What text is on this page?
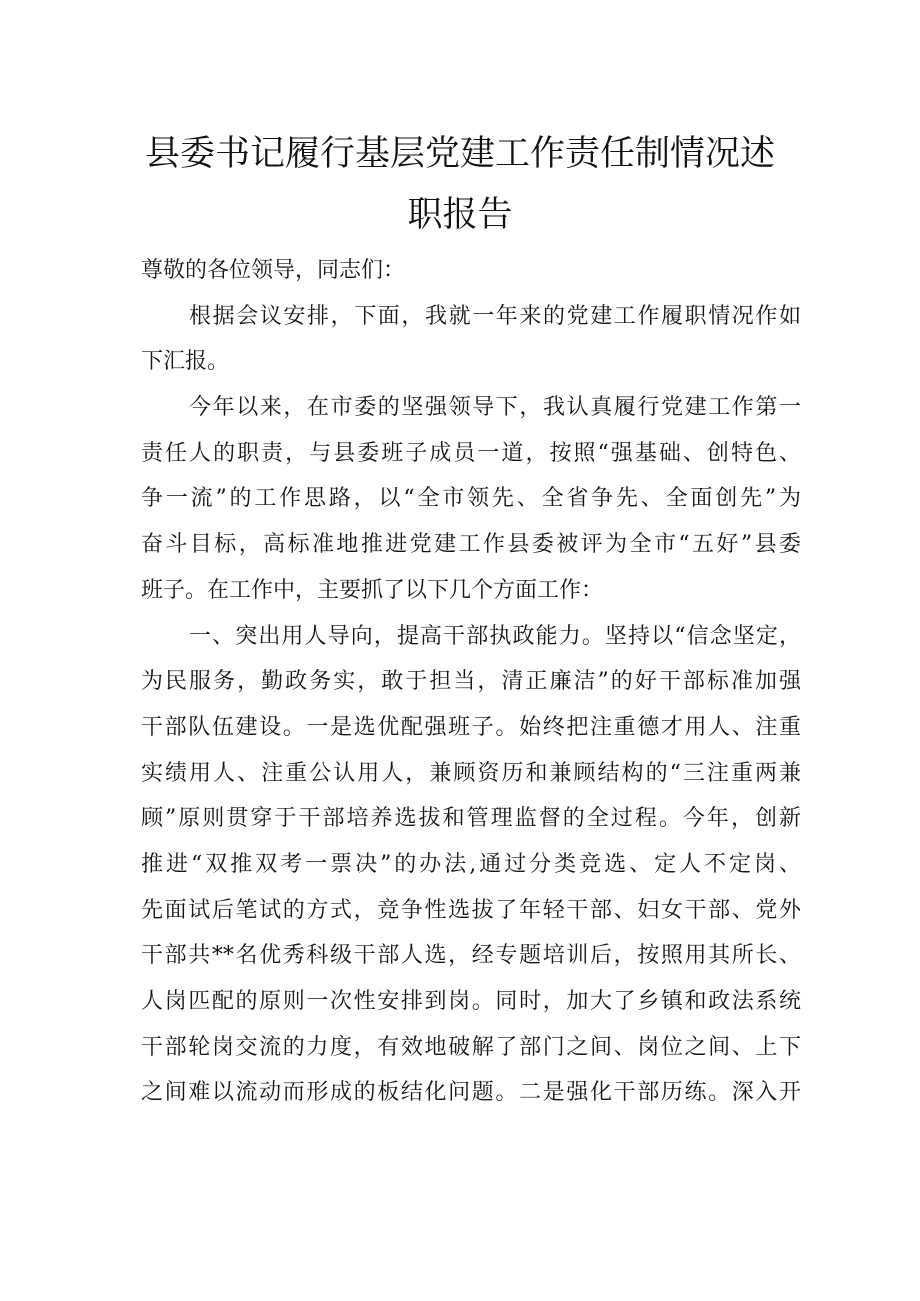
县委书记履行基层党建工作责任制情况述
职报告
尊敬的各位领导，同志们：
根据会议安排，下面，我就一年来的党建工作履职情况作如
下汇报。
今年以来，在市委的坚强领导下，我认真履行党建工作第一
责任人的职责，与县委班子成员一道，按照“强基础、创特色、
争一流”的工作思路，以“全市领先、全省争先、全面创先”为
奋斗目标，高标准地推进党建工作县委被评为全市“五好”县委
班子。在工作中，主要抓了以下几个方面工作：
一、突出用人导向，提高干部执政能力。坚持以“信念坚定，
为民服务，勤政务实，敢于担当，清正廉洁”的好干部标准加强
干部队伍建设。一是选优配强班子。始终把注重德才用人、注重
实绩用人、注重公认用人，兼顾资历和兼顾结构的“三注重两兼
顾”原则贯穿于干部培养选拔和管理监督的全过程。今年，创新
推进“双推双考一票决”的办法,通过分类竞选、定人不定岗、
先面试后笔试的方式，竞争性选拔了年轻干部、妇女干部、党外
干部共**名优秀科级干部人选，经专题培训后，按照用其所长、
人岗匹配的原则一次性安排到岗。同时，加大了乡镇和政法系统
干部轮岗交流的力度，有效地破解了部门之间、岗位之间、上下
之间难以流动而形成的板结化问题。二是强化干部历练。深入开
